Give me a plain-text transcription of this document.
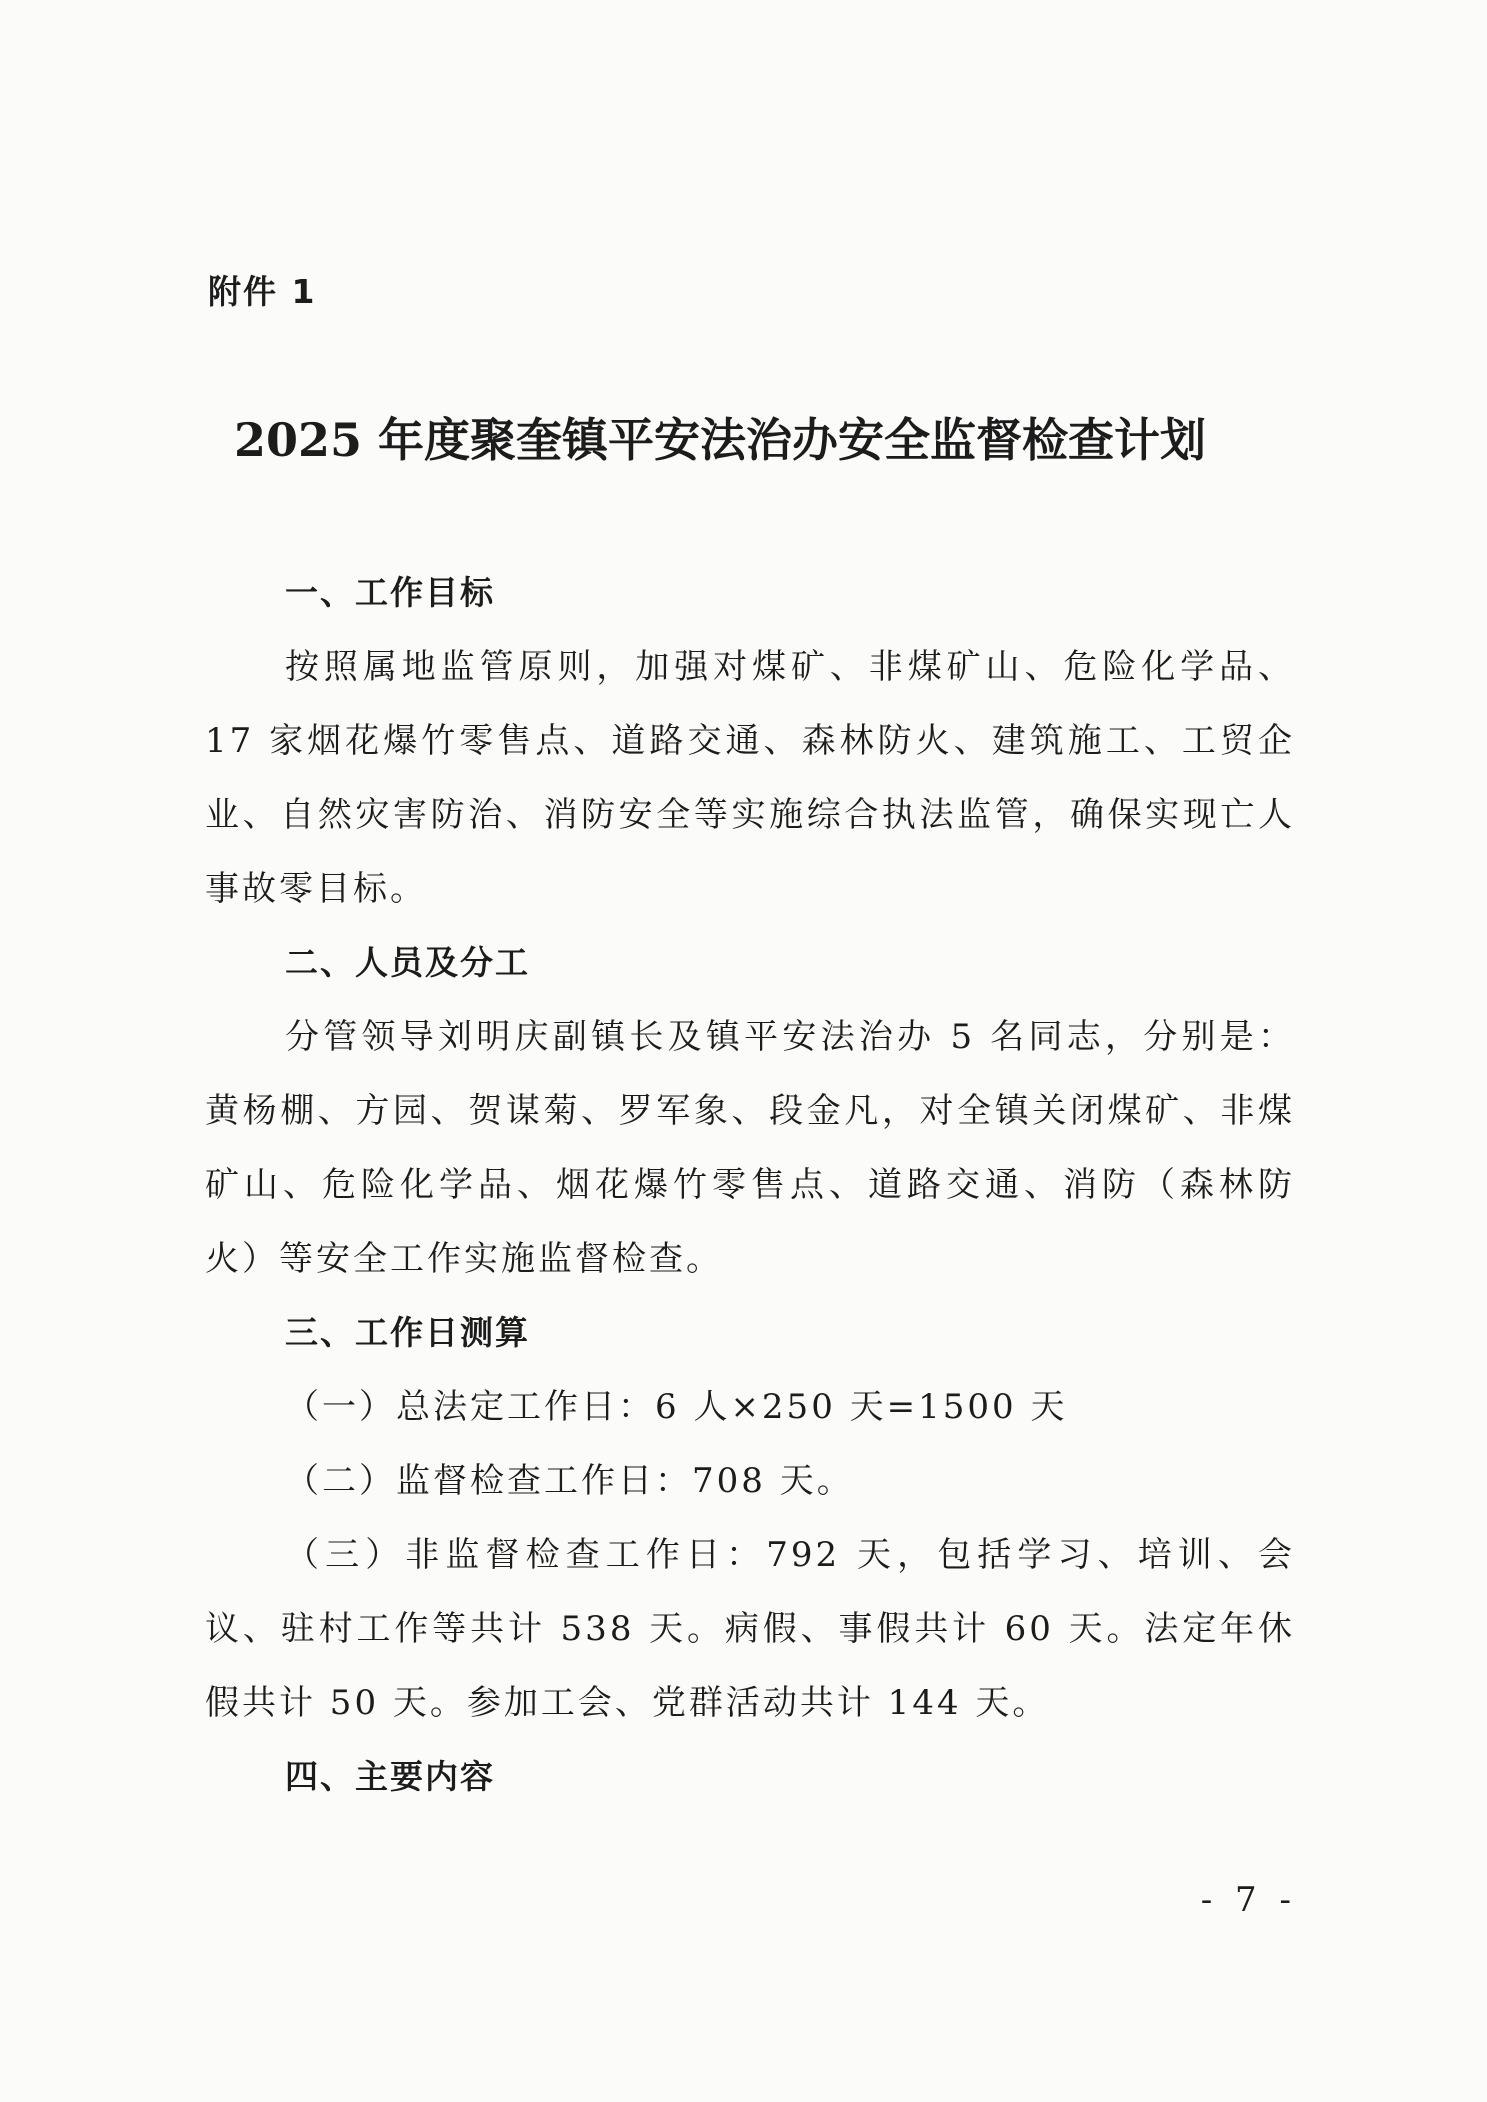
附件 1
2025 年度聚奎镇平安法治办安全监督检查计划
一、工作目标

按照属地监管原则，加强对煤矿、非煤矿山、危险化学品、17 家烟花爆竹零售点、道路交通、森林防火、建筑施工、工贸企业、自然灾害防治、消防安全等实施综合执法监管，确保实现亡人事故零目标。

二、人员及分工

分管领导刘明庆副镇长及镇平安法治办 5 名同志，分别是：黄杨棚、方园、贺谋菊、罗军象、段金凡，对全镇关闭煤矿、非煤矿山、危险化学品、烟花爆竹零售点、道路交通、消防（森林防火）等安全工作实施监督检查。

三、工作日测算
（一）总法定工作日：6 人×250 天=1500 天
（二）监督检查工作日：708 天。

（三）非监督检查工作日：792 天，包括学习、培训、会议、驻村工作等共计 538 天。病假、事假共计 60 天。法定年休假共计 50 天。参加工会、党群活动共计 144 天。

四、主要内容
- 7 -
